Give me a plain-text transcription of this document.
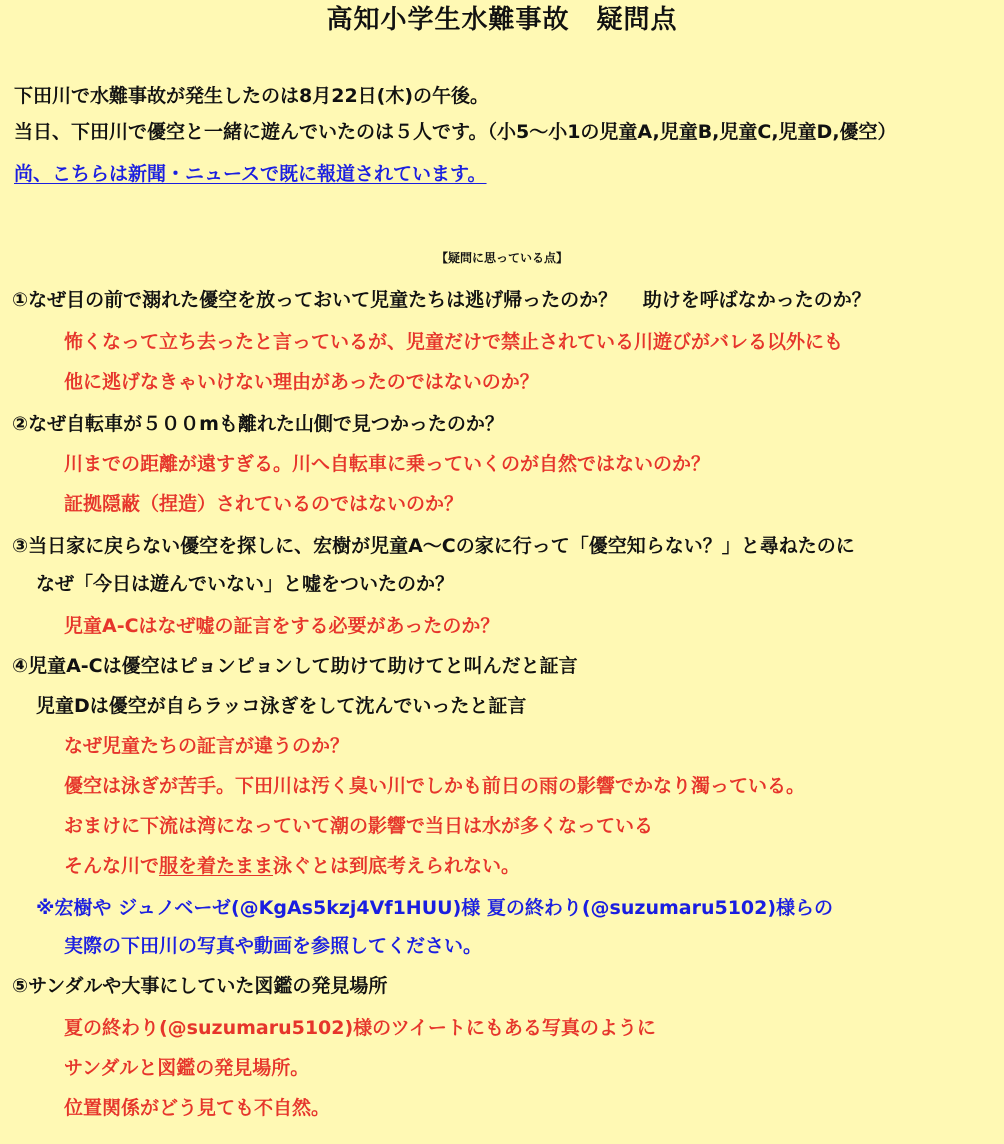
高知小学生水難事故　疑問点

下田川で水難事故が発生したのは8月22日(木)の午後。

当日、下田川で優空と一緒に遊んでいたのは５人です。（小5～小1の児童A,児童B,児童C,児童D,優空）

尚、こちらは新聞・ニュースで既に報道されています。

【疑問に思っている点】

①なぜ目の前で溺れた優空を放っておいて児童たちは逃げ帰ったのか？　 助けを呼ばなかったのか？

怖くなって立ち去ったと言っているが、児童だけで禁止されている川遊びがバレる以外にも

他に逃げなきゃいけない理由があったのではないのか？

②なぜ自転車が５００mも離れた山側で見つかったのか？

川までの距離が遠すぎる。川へ自転車に乗っていくのが自然ではないのか？

証拠隠蔽（捏造）されているのではないのか？

③当日家に戻らない優空を探しに、宏樹が児童A～Cの家に行って「優空知らない？」と尋ねたのに

なぜ「今日は遊んでいない」と嘘をついたのか？

児童A-Cはなぜ嘘の証言をする必要があったのか？

④児童A-Cは優空はピョンピョンして助けて助けてと叫んだと証言

児童Dは優空が自らラッコ泳ぎをして沈んでいったと証言

なぜ児童たちの証言が違うのか？

優空は泳ぎが苦手。下田川は汚く臭い川でしかも前日の雨の影響でかなり濁っている。

おまけに下流は湾になっていて潮の影響で当日は水が多くなっている

そんな川で服を着たまま泳ぐとは到底考えられない。

※宏樹や ジュノベーゼ(@KgAs5kzj4Vf1HUU)様 夏の終わり(@suzumaru5102)様らの

実際の下田川の写真や動画を参照してください。

⑤サンダルや大事にしていた図鑑の発見場所

夏の終わり(@suzumaru5102)様のツイートにもある写真のように

サンダルと図鑑の発見場所。

位置関係がどう見ても不自然。
